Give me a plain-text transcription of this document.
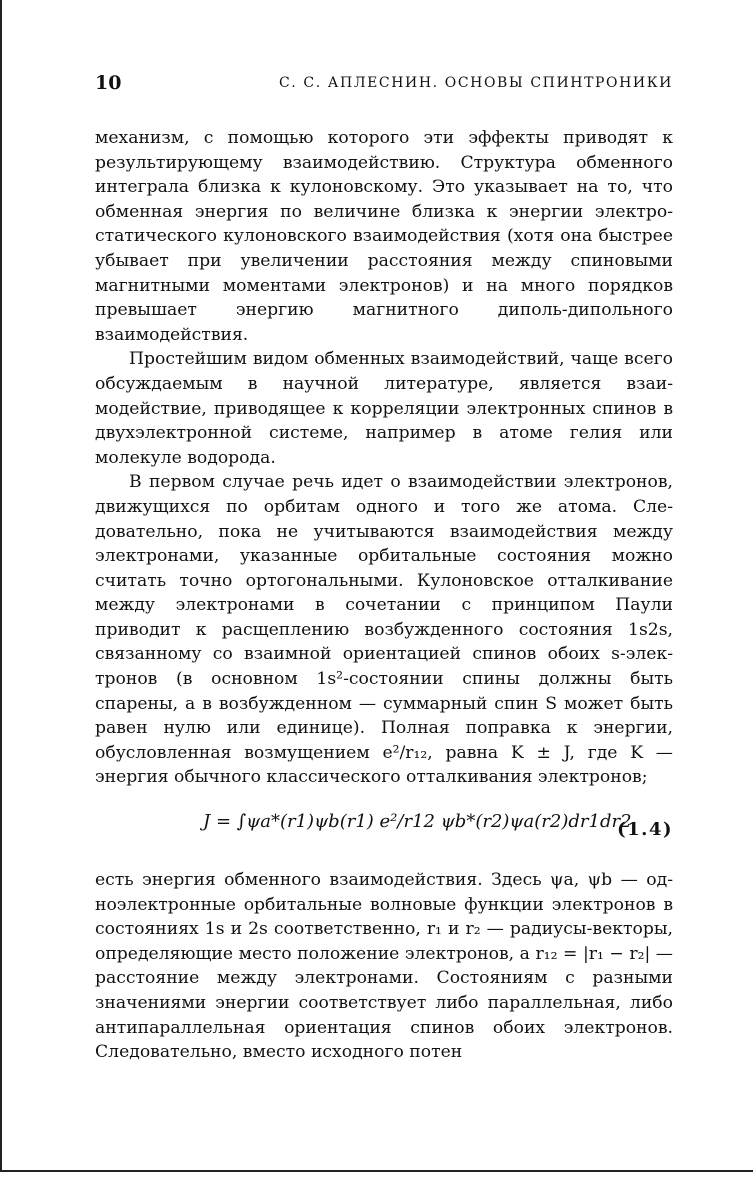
10	С. С. АПЛЕСНИН. ОСНОВЫ СПИНТРОНИКИ

механизм, с помощью которого эти эффекты приводят к результирующему взаимодействию. Структура обменного интеграла близка к кулоновскому. Это указывает на то, что обменная энергия по величине близка к энергии электростатического кулоновского взаимодействия (хотя она быстрее убывает при увеличении расстояния между спиновыми магнитными моментами электронов) и на много порядков превышает энергию магнитного диполь-дипольного взаимодействия.

Простейшим видом обменных взаимодействий, чаще всего обсуждаемым в научной литературе, является взаимодействие, приводящее к корреляции электронных спинов в двухэлектронной системе, например в атоме гелия или молекуле водорода.

В первом случае речь идет о взаимодействии электронов, движущихся по орбитам одного и того же атома. Следовательно, пока не учитываются взаимодействия между электронами, указанные орбитальные состояния можно считать точно ортогональными. Кулоновское отталкивание между электронами в сочетании с принципом Паули приводит к расщеплению возбужденного состояния 1s2s, связанному со взаимной ориентацией спинов обоих s-электронов (в основном 1s²-состоянии спины должны быть спарены, а в возбужденном — суммарный спин S может быть равен нулю или единице). Полная поправка к энергии, обусловленная возмущением e²/r₁₂, равна K ± J, где K — энергия обычного классического отталкивания электронов;

J = ∫ψa*(r1)ψb(r1) e²/r12 ψb*(r2)ψa(r2)dr1dr2
(1.4)

есть энергия обменного взаимодействия. Здесь ψa, ψb — одноэлектронные орбитальные волновые функции электронов в состояниях 1s и 2s соответственно, r₁ и r₂ — радиусы-векторы, определяющие место положение электронов, а r₁₂ = |r₁ − r₂| — расстояние между электронами. Состояниям с разными значениями энергии соответствует либо параллельная, либо антипараллельная ориентация спинов обоих электронов. Следовательно, вместо исходного потен
